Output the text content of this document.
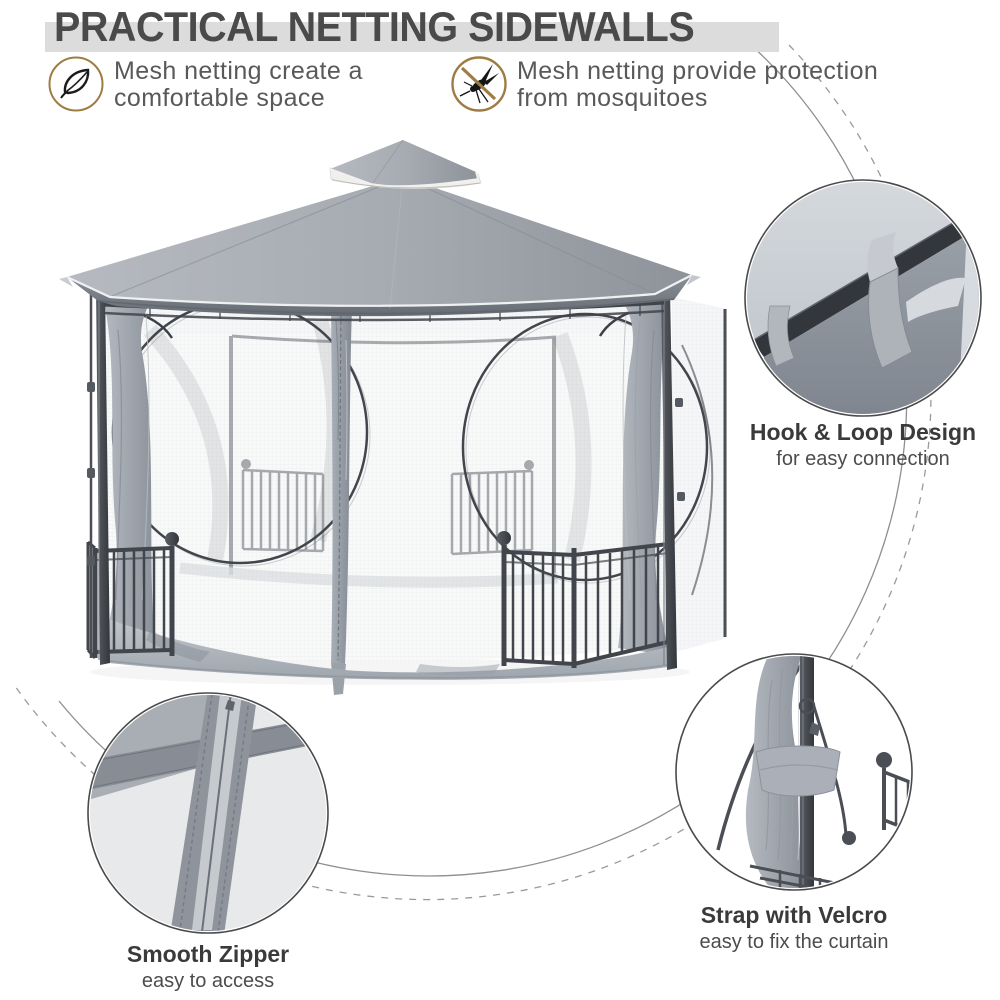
PRACTICAL NETTING SIDEWALLS
Mesh netting create a
comfortable space
Mesh netting provide protection
from mosquitoes
Hook & Loop Design
for easy connection
Strap with Velcro
easy to fix the curtain
Smooth Zipper
easy to access
